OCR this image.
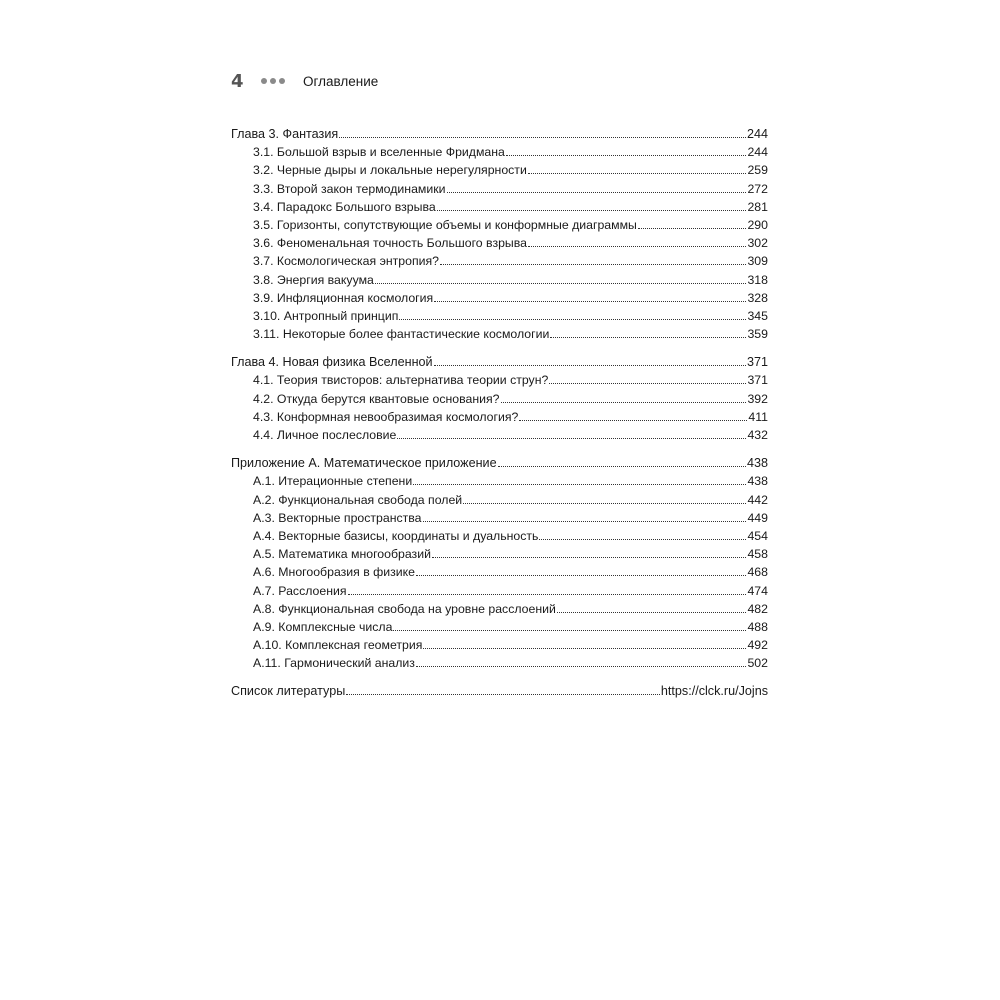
4	Оглавление
Глава 3. Фантазия	244
3.1. Большой взрыв и вселенные Фридмана	244
3.2. Черные дыры и локальные нерегулярности	259
3.3. Второй закон термодинамики	272
3.4. Парадокс Большого взрыва	281
3.5. Горизонты, сопутствующие объемы и конформные диаграммы	290
3.6. Феноменальная точность Большого взрыва	302
3.7. Космологическая энтропия?	309
3.8. Энергия вакуума	318
3.9. Инфляционная космология	328
3.10. Антропный принцип	345
3.11. Некоторые более фантастические космологии	359
Глава 4. Новая физика Вселенной	371
4.1. Теория твисторов: альтернатива теории струн?	371
4.2. Откуда берутся квантовые основания?	392
4.3. Конформная невообразимая космология?	411
4.4. Личное послесловие	432
Приложение А. Математическое приложение	438
А.1. Итерационные степени	438
А.2. Функциональная свобода полей	442
А.3. Векторные пространства	449
А.4. Векторные базисы, координаты и дуальность	454
А.5. Математика многообразий	458
А.6. Многообразия в физике	468
А.7. Расслоения	474
А.8. Функциональная свобода на уровне расслоений	482
А.9. Комплексные числа	488
А.10. Комплексная геометрия	492
А.11. Гармонический анализ	502
Список литературы	https://clck.ru/Jojns
